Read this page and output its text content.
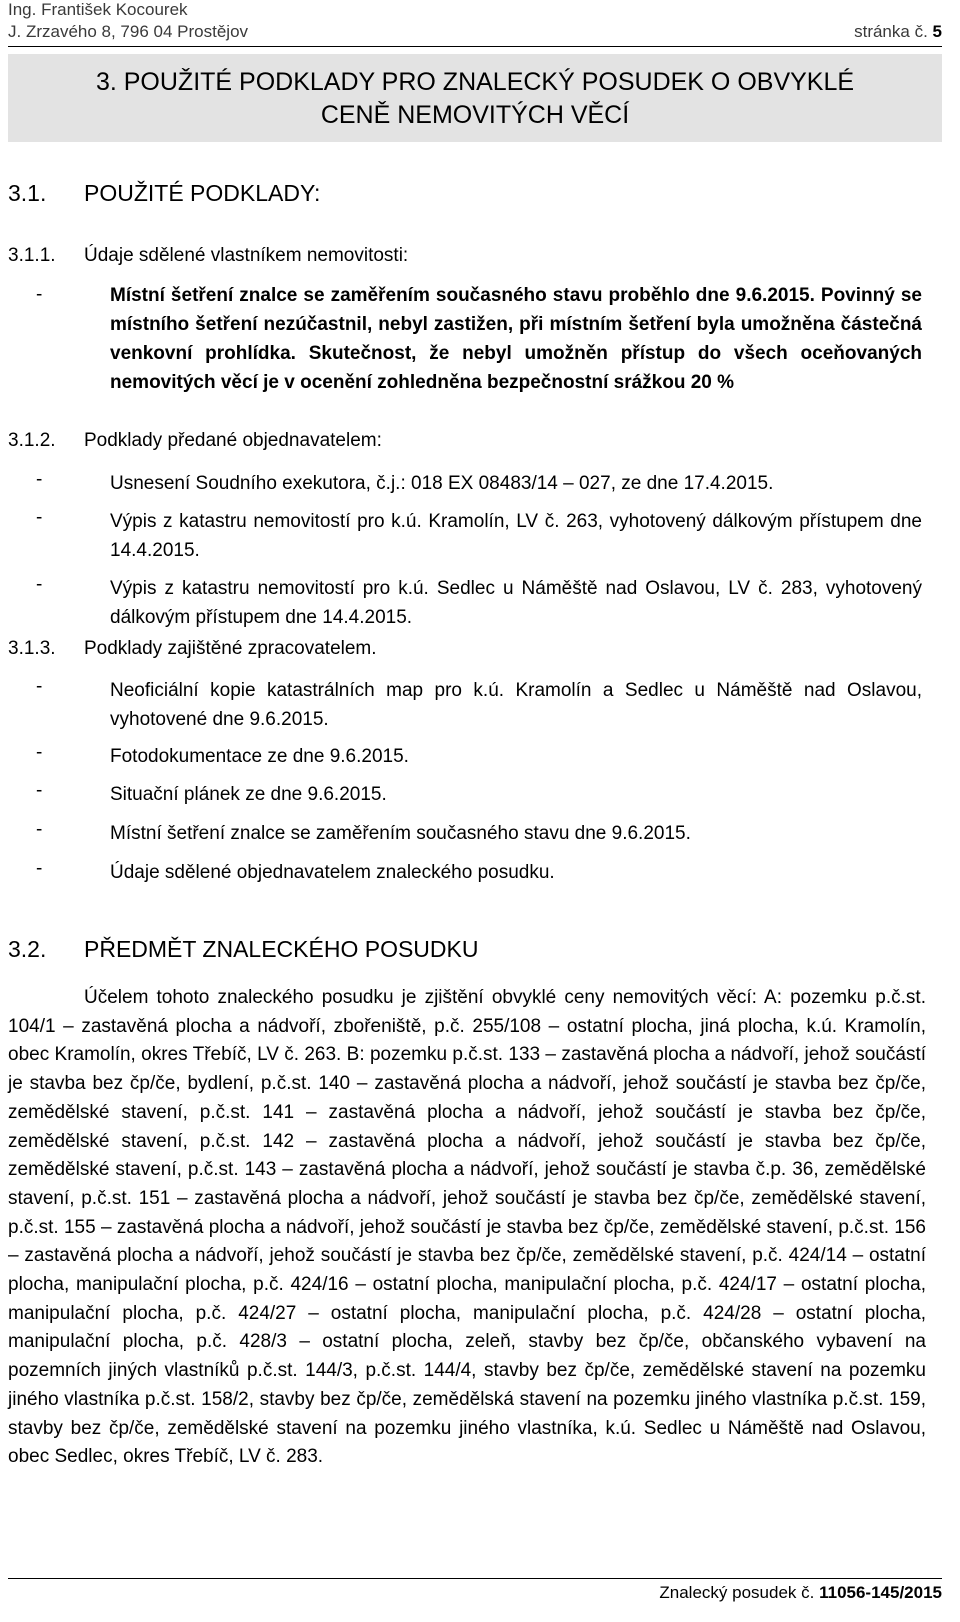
Ing. František Kocourek
J. Zrzavého 8, 796 04 Prostějov	stránka č. 5
3. POUŽITÉ PODKLADY PRO ZNALECKÝ POSUDEK O OBVYKLÉ
CENĚ NEMOVITÝCH VĚCÍ
3.1. POUŽITÉ PODKLADY:
3.1.1. Údaje sdělené vlastníkem nemovitosti:
-	Místní šetření znalce se zaměřením současného stavu proběhlo dne 9.6.2015. Povinný se místního šetření nezúčastnil, nebyl zastižen, při místním šetření byla umožněna částečná venkovní prohlídka. Skutečnost, že nebyl umožněn přístup do všech oceňovaných nemovitých věcí je v ocenění zohledněna bezpečnostní srážkou 20 %
3.1.2. Podklady předané objednavatelem:
-	Usnesení Soudního exekutora, č.j.: 018 EX 08483/14 – 027, ze dne 17.4.2015.
-	Výpis z katastru nemovitostí pro k.ú. Kramolín, LV č. 263, vyhotovený dálkovým přístupem dne 14.4.2015.
-	Výpis z katastru nemovitostí pro k.ú. Sedlec u Náměště nad Oslavou, LV č. 283, vyhotovený dálkovým přístupem dne 14.4.2015.
3.1.3. Podklady zajištěné zpracovatelem.
-	Neoficiální kopie katastrálních map pro k.ú. Kramolín a Sedlec u Náměště nad Oslavou, vyhotovené dne 9.6.2015.
-	Fotodokumentace ze dne 9.6.2015.
-	Situační plánek ze dne 9.6.2015.
-	Místní šetření znalce se zaměřením současného stavu dne 9.6.2015.
-	Údaje sdělené objednavatelem znaleckého posudku.
3.2. PŘEDMĚT ZNALECKÉHO POSUDKU
Účelem tohoto znaleckého posudku je zjištění obvyklé ceny nemovitých věcí: A: pozemku p.č.st. 104/1 – zastavěná plocha a nádvoří, zbořeniště, p.č. 255/108 – ostatní plocha, jiná plocha, k.ú. Kramolín, obec Kramolín, okres Třebíč, LV č. 263. B: pozemku p.č.st. 133 – zastavěná plocha a nádvoří, jehož součástí je stavba bez čp/če, bydlení, p.č.st. 140 – zastavěná plocha a nádvoří, jehož součástí je stavba bez čp/če, zemědělské stavení, p.č.st. 141 – zastavěná plocha a nádvoří, jehož součástí je stavba bez čp/če, zemědělské stavení, p.č.st. 142 – zastavěná plocha a nádvoří, jehož součástí je stavba bez čp/če, zemědělské stavení, p.č.st. 143 – zastavěná plocha a nádvoří, jehož součástí je stavba č.p. 36, zemědělské stavení, p.č.st. 151 – zastavěná plocha a nádvoří, jehož součástí je stavba bez čp/če, zemědělské stavení, p.č.st. 155 – zastavěná plocha a nádvoří, jehož součástí je stavba bez čp/če, zemědělské stavení, p.č.st. 156 – zastavěná plocha a nádvoří, jehož součástí je stavba bez čp/če, zemědělské stavení, p.č. 424/14 – ostatní plocha, manipulační plocha, p.č. 424/16 – ostatní plocha, manipulační plocha, p.č. 424/17 – ostatní plocha, manipulační plocha, p.č. 424/27 – ostatní plocha, manipulační plocha, p.č. 424/28 – ostatní plocha, manipulační plocha, p.č. 428/3 – ostatní plocha, zeleň, stavby bez čp/če, občanského vybavení na pozemních jiných vlastníků p.č.st. 144/3, p.č.st. 144/4, stavby bez čp/če, zemědělské stavení na pozemku jiného vlastníka p.č.st. 158/2, stavby bez čp/če, zemědělská stavení na pozemku jiného vlastníka p.č.st. 159, stavby bez čp/če, zemědělské stavení na pozemku jiného vlastníka, k.ú. Sedlec u Náměště nad Oslavou, obec Sedlec, okres Třebíč, LV č. 283.
Znalecký posudek č. 11056-145/2015
